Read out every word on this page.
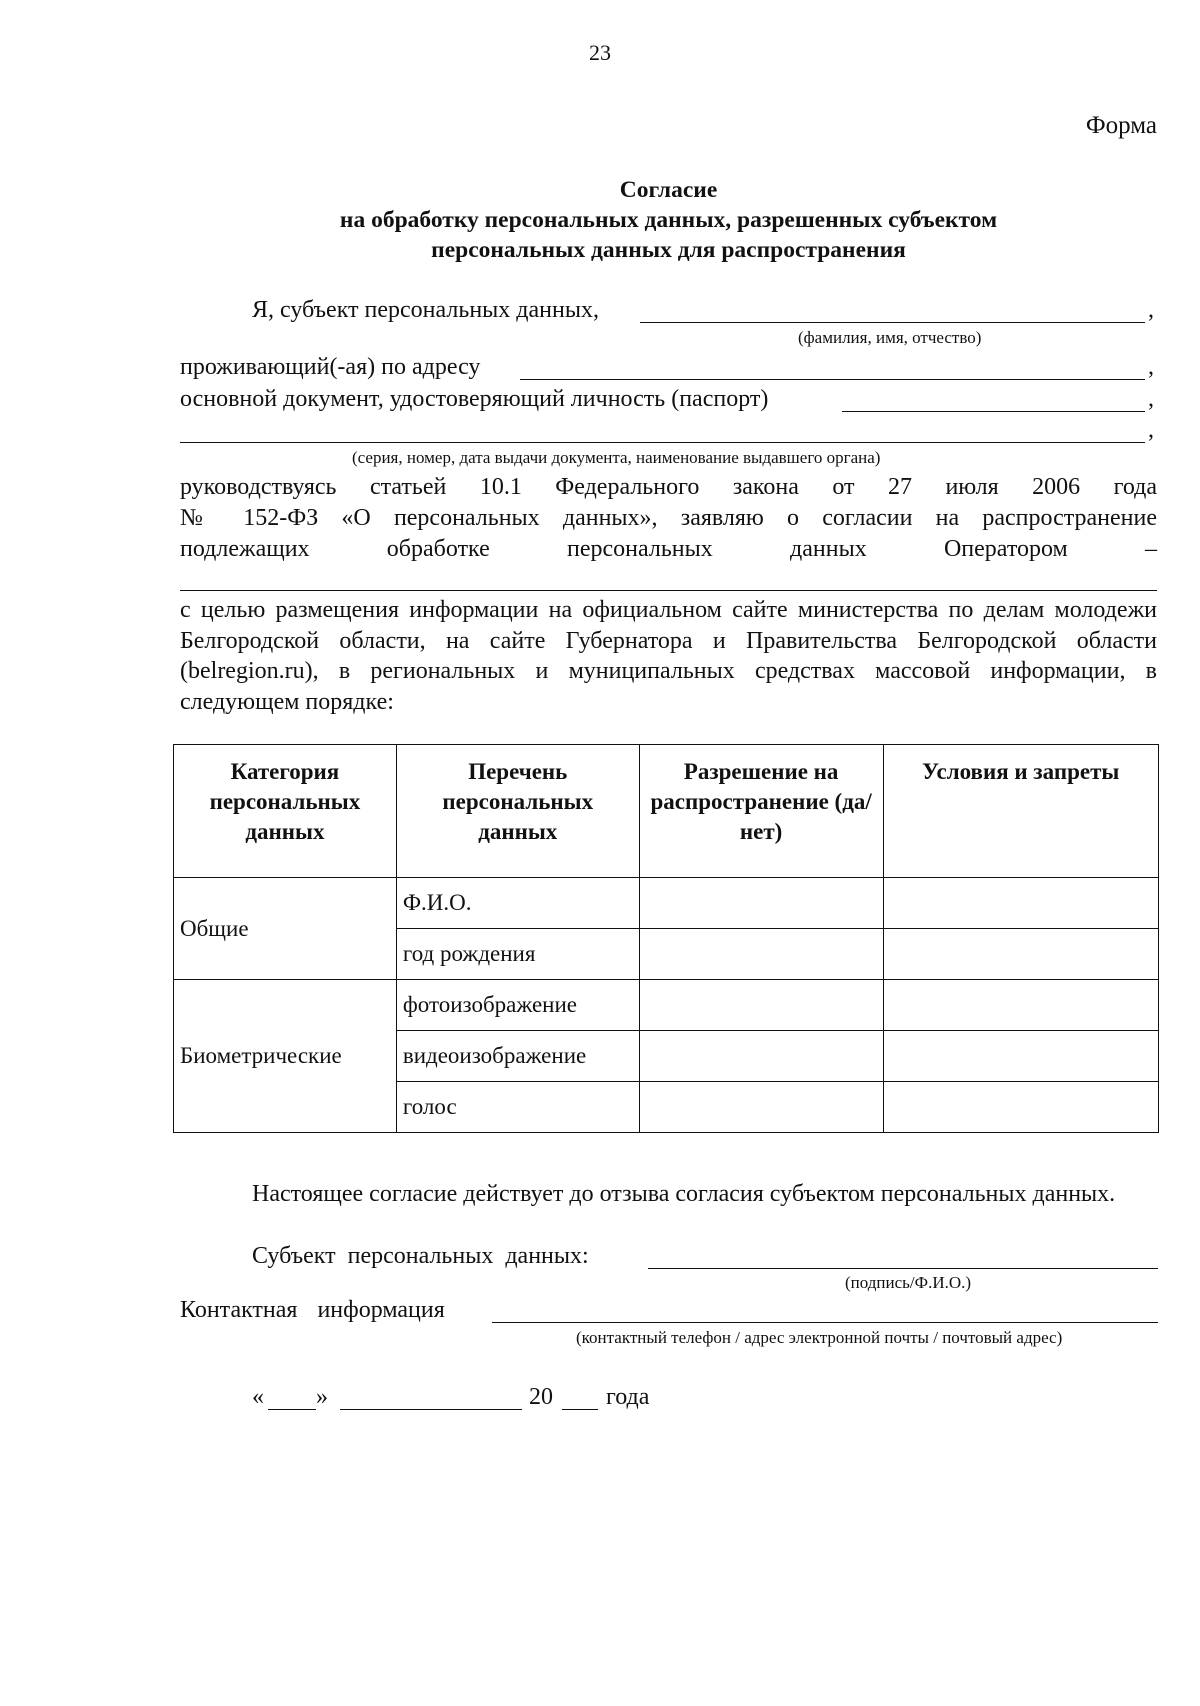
23
Форма
Согласие
на обработку персональных данных, разрешенных субъектом
персональных данных для распространения
Я, субъект персональных данных,	,
(фамилия, имя, отчество)
проживающий(-ая) по адресу	,
основной документ, удостоверяющий личность (паспорт)	,
,
(серия, номер, дата выдачи документа, наименование выдавшего органа)
руководствуясь статьей 10.1 Федерального закона от 27 июля 2006 года
№ 152-ФЗ «О персональных данных», заявляю о согласии на распространение
подлежащих обработке персональных данных Оператором –
с целью размещения информации на официальном сайте министерства по делам молодежи Белгородской области, на сайте Губернатора и Правительства Белгородской области (belregion.ru), в региональных и муниципальных средствах массовой информации, в следующем порядке:
Категория персональных данных	Перечень персональных данных	Разрешение на распространение (да/нет)	Условия и запреты
Общие	Ф.И.О.		
	год рождения		
Биометрические	фотоизображение		
	видеоизображение		
	голос		
Настоящее согласие действует до отзыва согласия субъектом персональных данных.
Субъект персональных данных:
(подпись/Ф.И.О.)
Контактная информация
(контактный телефон / адрес электронной почты / почтовый адрес)
« »	20 года
